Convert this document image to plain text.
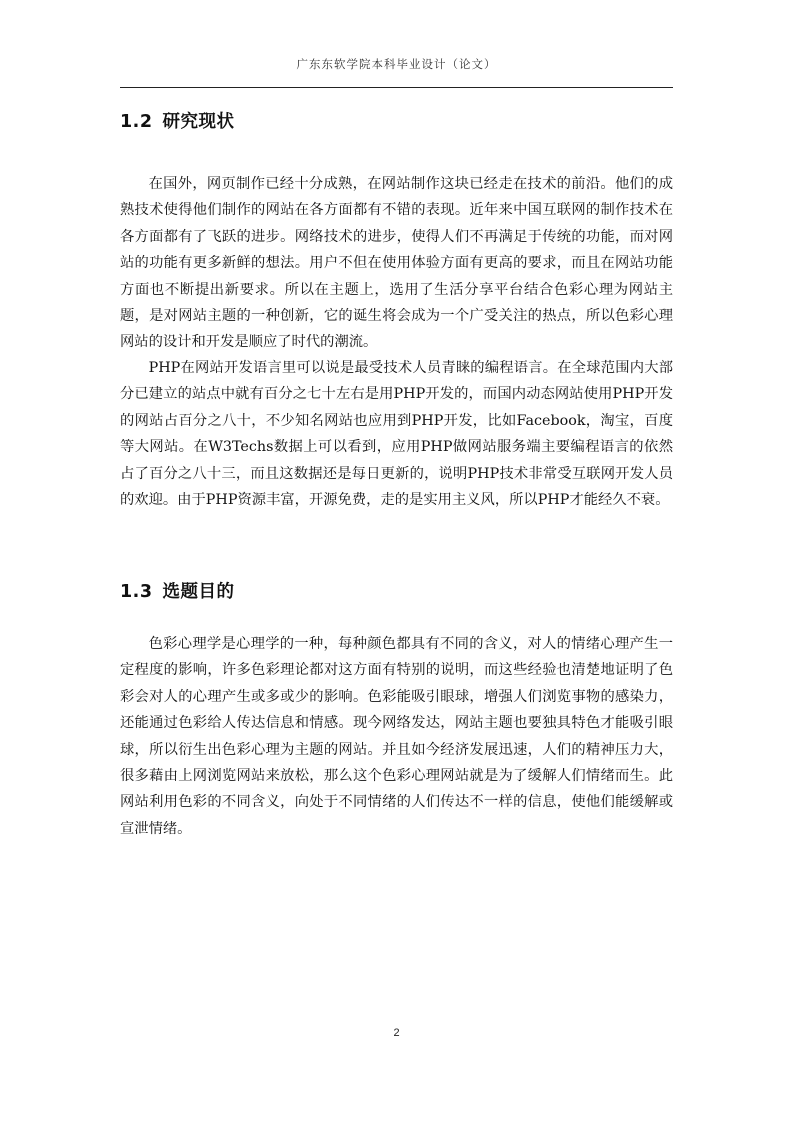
广东东软学院本科毕业设计（论文）
1.2 研究现状

在国外，网页制作已经十分成熟，在网站制作这块已经走在技术的前沿。他们的成熟技术使得他们制作的网站在各方面都有不错的表现。近年来中国互联网的制作技术在各方面都有了飞跃的进步。网络技术的进步，使得人们不再满足于传统的功能，而对网站的功能有更多新鲜的想法。用户不但在使用体验方面有更高的要求，而且在网站功能方面也不断提出新要求。所以在主题上，选用了生活分享平台结合色彩心理为网站主题，是对网站主题的一种创新，它的诞生将会成为一个广受关注的热点，所以色彩心理网站的设计和开发是顺应了时代的潮流。

PHP在网站开发语言里可以说是最受技术人员青睐的编程语言。在全球范围内大部分已建立的站点中就有百分之七十左右是用PHP开发的，而国内动态网站使用PHP开发的网站占百分之八十，不少知名网站也应用到PHP开发，比如Facebook，淘宝，百度等大网站。在W3Techs数据上可以看到，应用PHP做网站服务端主要编程语言的依然占了百分之八十三，而且这数据还是每日更新的，说明PHP技术非常受互联网开发人员的欢迎。由于PHP资源丰富，开源免费，走的是实用主义风，所以PHP才能经久不衰。

1.3 选题目的

色彩心理学是心理学的一种，每种颜色都具有不同的含义，对人的情绪心理产生一定程度的影响，许多色彩理论都对这方面有特别的说明，而这些经验也清楚地证明了色彩会对人的心理产生或多或少的影响。色彩能吸引眼球，增强人们浏览事物的感染力，还能通过色彩给人传达信息和情感。现今网络发达，网站主题也要独具特色才能吸引眼球，所以衍生出色彩心理为主题的网站。并且如今经济发展迅速，人们的精神压力大，很多藉由上网浏览网站来放松，那么这个色彩心理网站就是为了缓解人们情绪而生。此网站利用色彩的不同含义，向处于不同情绪的人们传达不一样的信息，使他们能缓解或宣泄情绪。

2
